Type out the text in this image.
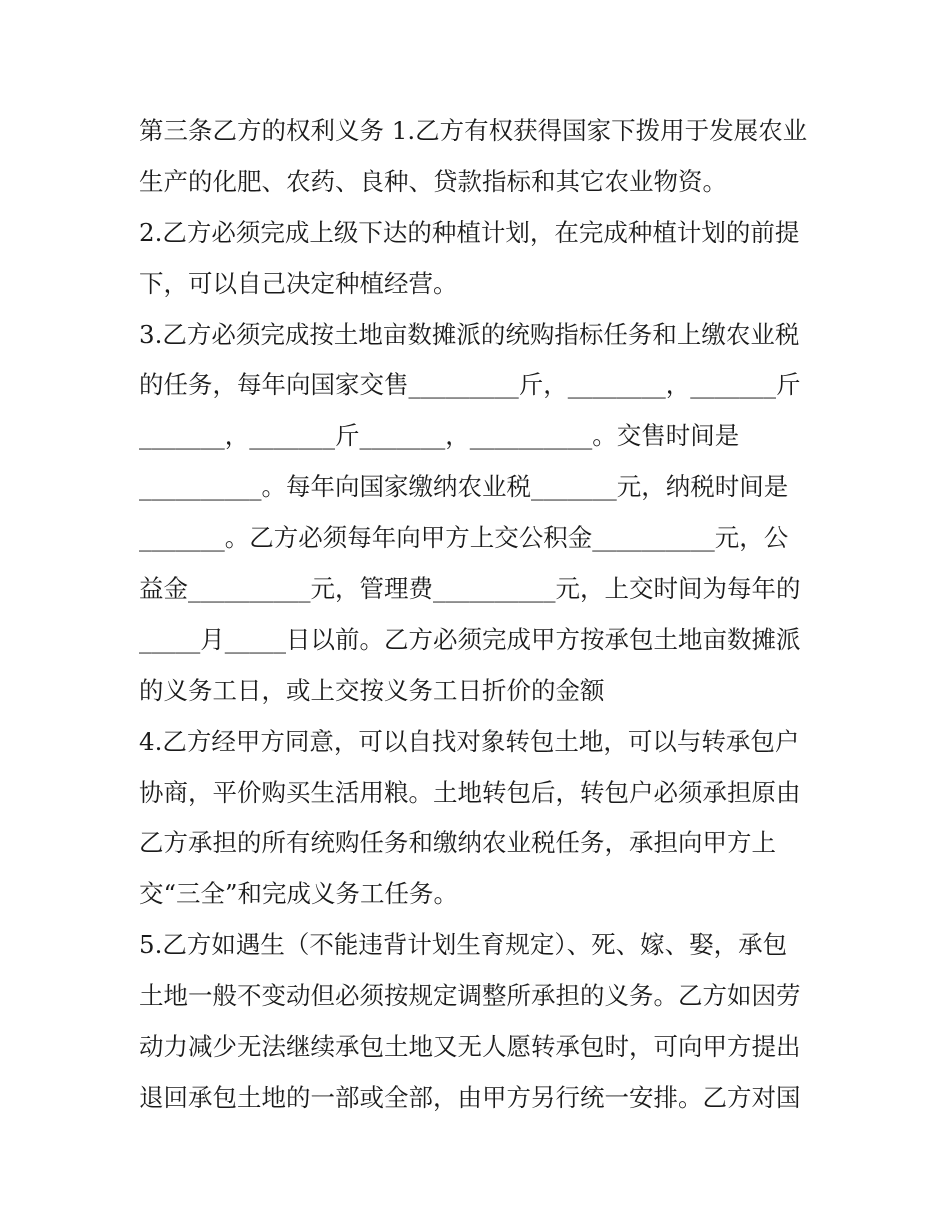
第三条乙方的权利义务 1.乙方有权获得国家下拨用于发展农业
生产的化肥、农药、良种、贷款指标和其它农业物资。
2.乙方必须完成上级下达的种植计划，在完成种植计划的前提
下，可以自己决定种植经营。
3.乙方必须完成按土地亩数摊派的统购指标任务和上缴农业税
的任务，每年向国家交售_________斤，________，_______斤
_______，_______斤_______，__________。交售时间是
__________。每年向国家缴纳农业税_______元，纳税时间是
_______。乙方必须每年向甲方上交公积金__________元，公
益金__________元，管理费__________元，上交时间为每年的
_____月_____日以前。乙方必须完成甲方按承包土地亩数摊派
的义务工日，或上交按义务工日折价的金额
4.乙方经甲方同意，可以自找对象转包土地，可以与转承包户
协商，平价购买生活用粮。土地转包后，转包户必须承担原由
乙方承担的所有统购任务和缴纳农业税任务，承担向甲方上
交“三全”和完成义务工任务。
5.乙方如遇生（不能违背计划生育规定）、死、嫁、娶，承包
土地一般不变动但必须按规定调整所承担的义务。乙方如因劳
动力减少无法继续承包土地又无人愿转承包时，可向甲方提出
退回承包土地的一部或全部，由甲方另行统一安排。乙方对国
